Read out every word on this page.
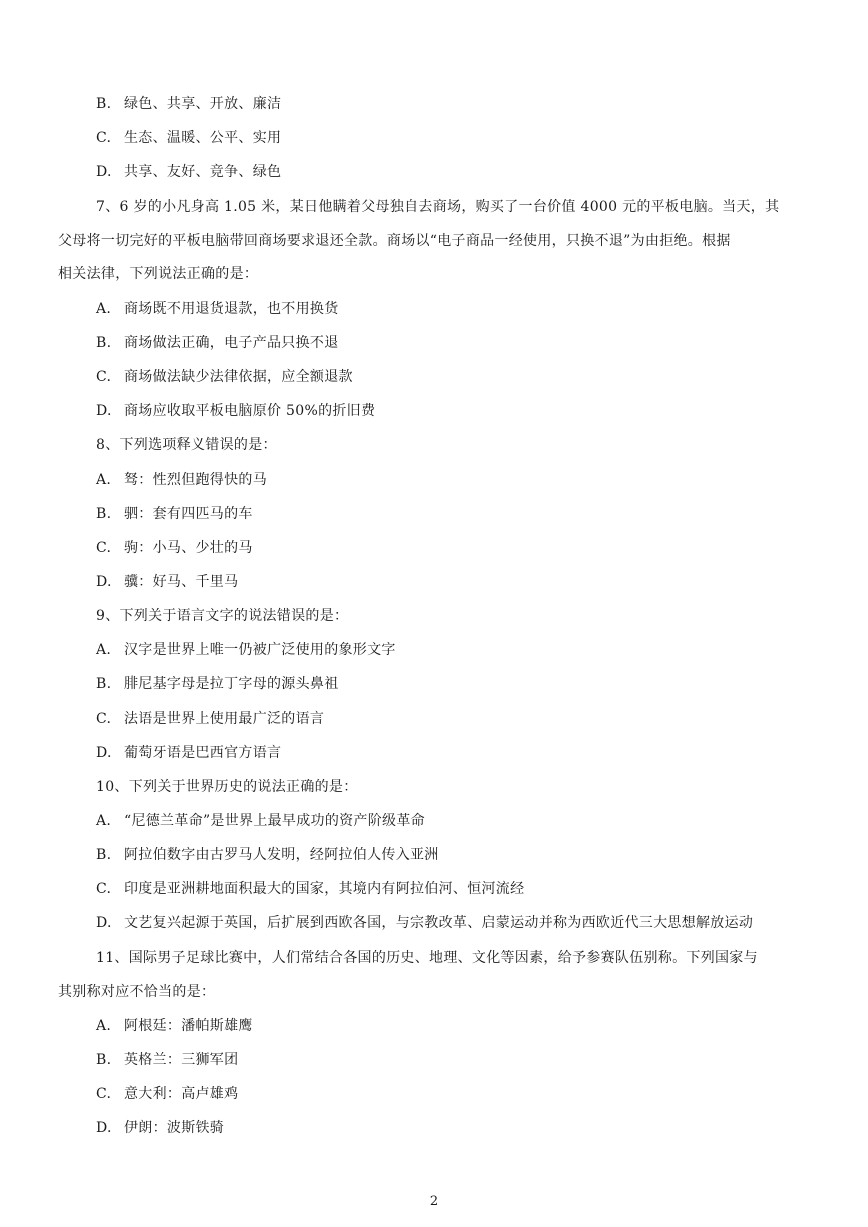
B. 绿色、共享、开放、廉洁
C. 生态、温暖、公平、实用
D. 共享、友好、竞争、绿色
7、6 岁的小凡身高 1.05 米，某日他瞒着父母独自去商场，购买了一台价值 4000 元的平板电脑。当天，其
父母将一切完好的平板电脑带回商场要求退还全款。商场以“电子商品一经使用，只换不退”为由拒绝。根据
相关法律，下列说法正确的是：
A. 商场既不用退货退款，也不用换货
B. 商场做法正确，电子产品只换不退
C. 商场做法缺少法律依据，应全额退款
D. 商场应收取平板电脑原价 50%的折旧费
8、下列选项释义错误的是：
A. 驽：性烈但跑得快的马
B. 驷：套有四匹马的车
C. 驹：小马、少壮的马
D. 骥：好马、千里马
9、下列关于语言文字的说法错误的是：
A. 汉字是世界上唯一仍被广泛使用的象形文字
B. 腓尼基字母是拉丁字母的源头鼻祖
C. 法语是世界上使用最广泛的语言
D. 葡萄牙语是巴西官方语言
10、下列关于世界历史的说法正确的是：
A. “尼德兰革命”是世界上最早成功的资产阶级革命
B. 阿拉伯数字由古罗马人发明，经阿拉伯人传入亚洲
C. 印度是亚洲耕地面积最大的国家，其境内有阿拉伯河、恒河流经
D. 文艺复兴起源于英国，后扩展到西欧各国，与宗教改革、启蒙运动并称为西欧近代三大思想解放运动
11、国际男子足球比赛中，人们常结合各国的历史、地理、文化等因素，给予参赛队伍别称。下列国家与
其别称对应不恰当的是：
A. 阿根廷：潘帕斯雄鹰
B. 英格兰：三狮军团
C. 意大利：高卢雄鸡
D. 伊朗：波斯铁骑
2
